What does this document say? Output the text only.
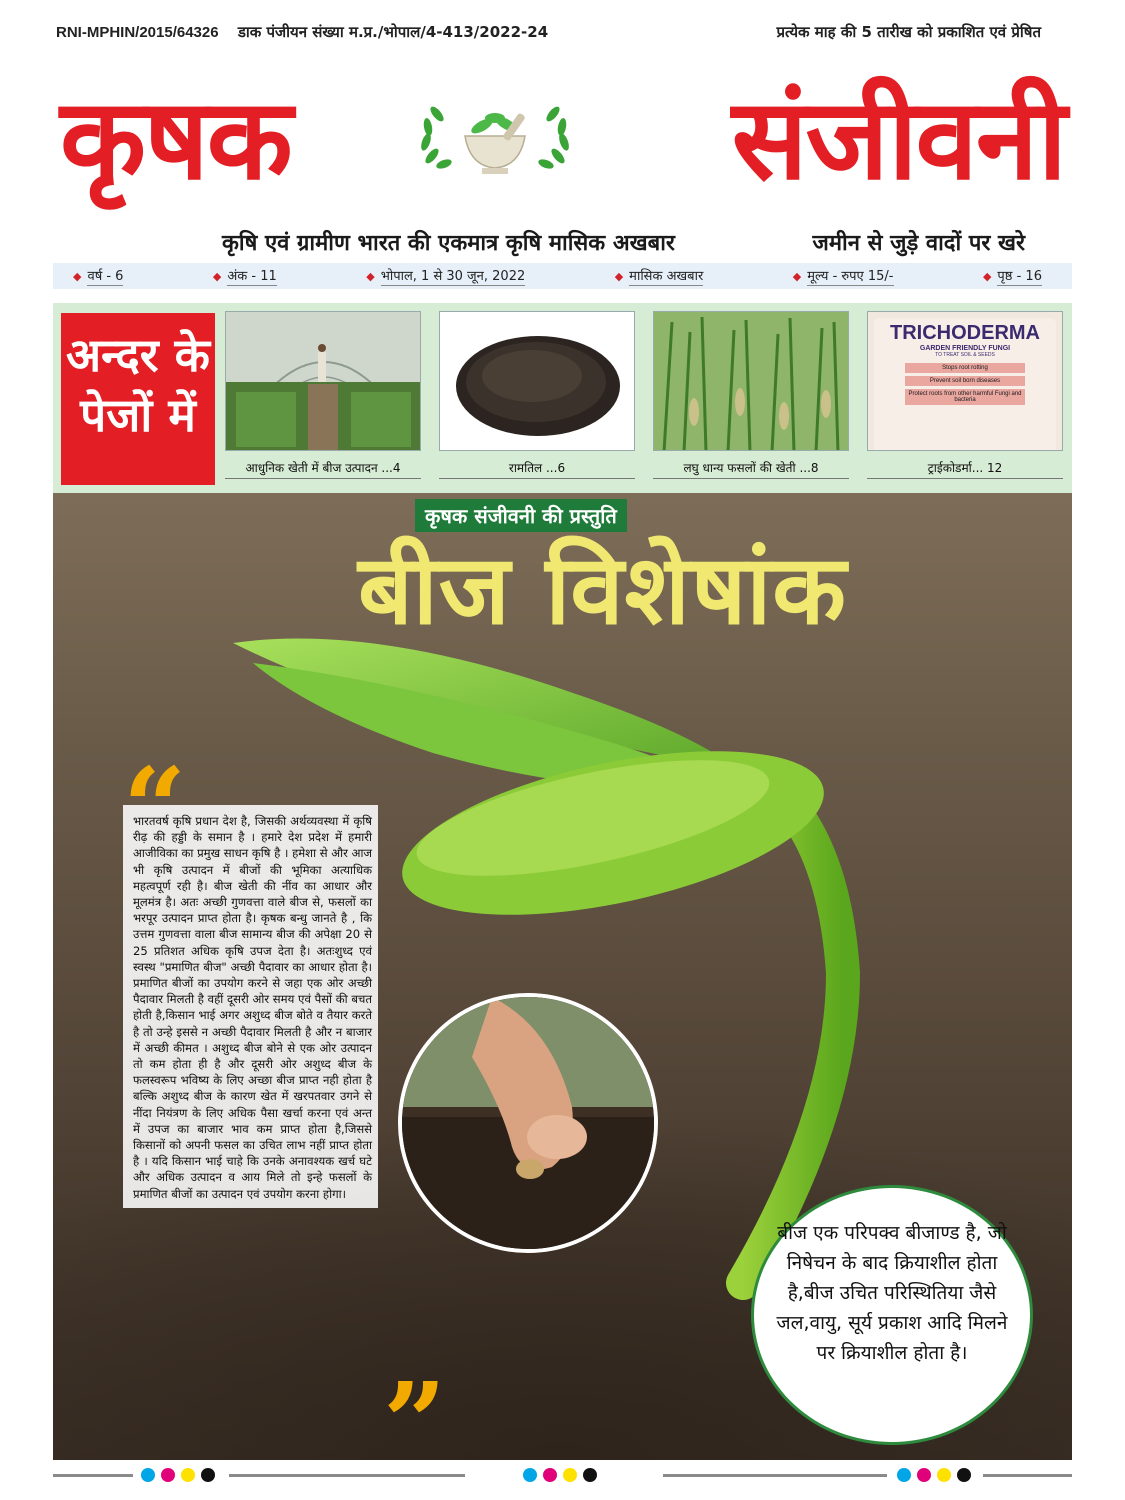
RNI-MPHIN/2015/64326 डाक पंजीयन संख्या म.प्र./भोपाल/4-413/2022-24	प्रत्येक माह की 5 तारीख को प्रकाशित एवं प्रेषित
कृषक	संजीवनी
कृषि एवं ग्रामीण भारत की एकमात्र कृषि मासिक अखबार	जमीन से जुड़े वादों पर खरे
◆ वर्ष - 6	◆ अंक - 11	◆ भोपाल, 1 से 30 जून, 2022	◆ मासिक अखबार	◆ मूल्य - रुपए 15/-	◆ पृष्ठ - 16
अन्दर के पेजों में
आधुनिक खेती में बीज उत्पादन ...4	रामतिल ...6	लघु धान्य फसलों की खेती ...8
TRICHODERMA
GARDEN FRIENDLY FUNGI
TO TREAT SOIL & SEEDS
Stops root rotting
Prevent soil born diseases
Protect roots from other harmful Fungi and bacteria
ट्राईकोडर्मा... 12
कृषक संजीवनी की प्रस्तुति
बीज विशेषांक
भारतवर्ष कृषि प्रधान देश है, जिसकी अर्थव्यवस्था में कृषि रीढ़ की हड्डी के समान है । हमारे देश प्रदेश में हमारी आजीविका का प्रमुख साधन कृषि है । हमेशा से और आज भी कृषि उत्पादन में बीजों की भूमिका अत्याधिक महत्वपूर्ण रही है। बीज खेती की नींव का आधार और मूलमंत्र है। अतः अच्छी गुणवत्ता वाले बीज से, फसलों का भरपूर उत्पादन प्राप्त होता है। कृषक बन्धु जानते है , कि उत्तम गुणवत्ता वाला बीज सामान्य बीज की अपेक्षा 20 से 25 प्रतिशत अधिक कृषि उपज देता है। अतःशुध्द एवं स्वस्थ "प्रमाणित बीज" अच्छी पैदावार का आधार होता है। प्रमाणित बीजों का उपयोग करने से जहा एक ओर अच्छी पैदावार मिलती है वहीं दूसरी ओर समय एवं पैसों की बचत होती है,किसान भाई अगर अशुध्द बीज बोते व तैयार करते है तो उन्हे इससे न अच्छी पैदावार मिलती है और न बाजार में अच्छी कीमत । अशुध्द बीज बोने से एक ओर उत्पादन तो कम होता ही है और दूसरी ओर अशुध्द बीज के फलस्वरूप भविष्य के लिए अच्छा बीज प्राप्त नही होता है बल्कि अशुध्द बीज के कारण खेत में खरपतवार उगने से नींदा नियंत्रण के लिए अधिक पैसा खर्चा करना एवं अन्त में उपज का बाजार भाव कम प्राप्त होता है,जिससे किसानों को अपनी फसल का उचित लाभ नहीं प्राप्त होता है । यदि किसान भाई चाहे कि उनके अनावश्यक खर्च घटे और अधिक उत्पादन व आय मिले तो इन्हे फसलों के प्रमाणित बीजों का उत्पादन एवं उपयोग करना होगा।
”
बीज एक परिपक्व बीजाण्ड है, जो निषेचन के बाद क्रियाशील होता है,बीज उचित परिस्थितिया जैसे जल,वायु, सूर्य प्रकाश आदि मिलने पर क्रियाशील होता है।
